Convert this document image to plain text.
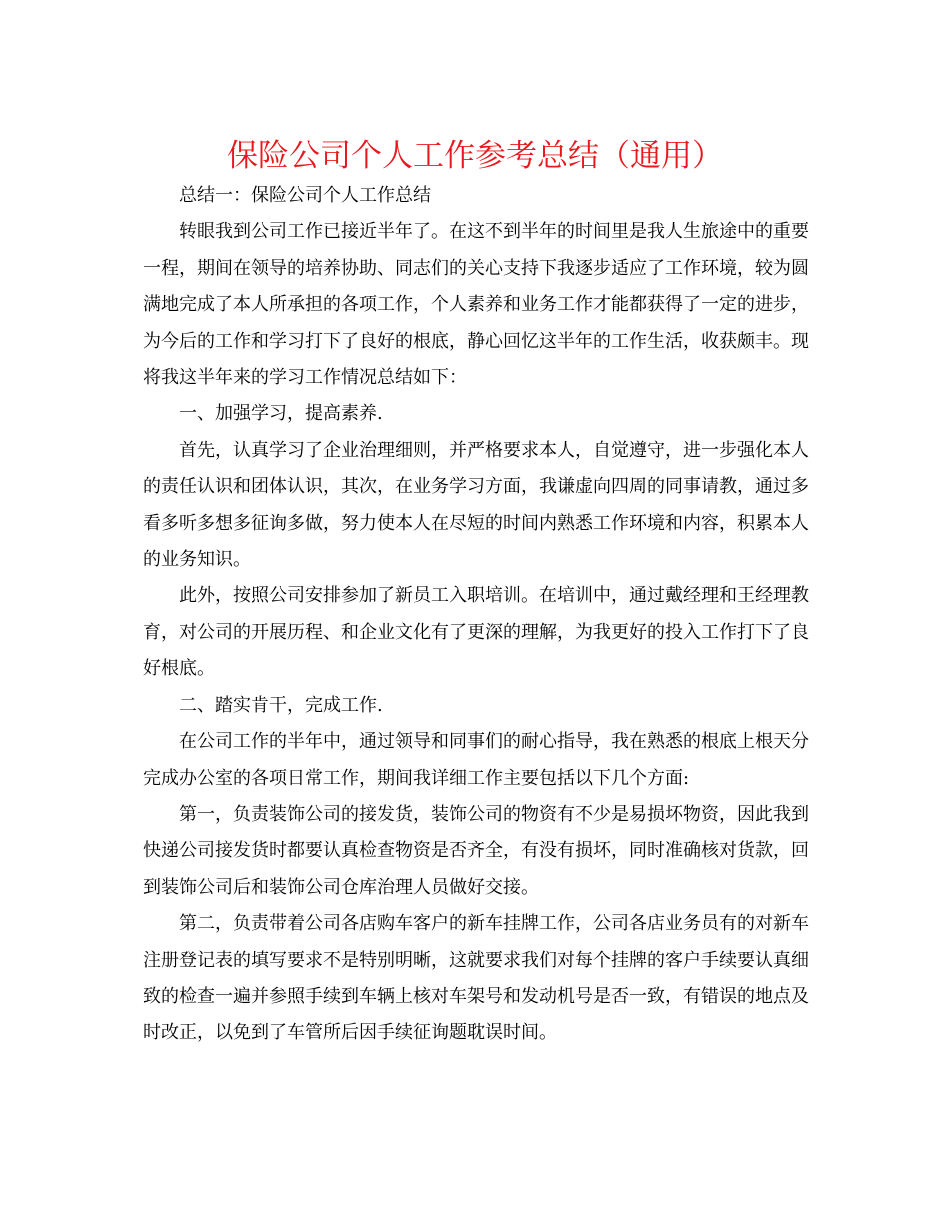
保险公司个人工作参考总结（通用）

总结一：保险公司个人工作总结

转眼我到公司工作已接近半年了。在这不到半年的时间里是我人生旅途中的重要一程，期间在领导的培养协助、同志们的关心支持下我逐步适应了工作环境，较为圆满地完成了本人所承担的各项工作，个人素养和业务工作才能都获得了一定的进步，为今后的工作和学习打下了良好的根底，静心回忆这半年的工作生活，收获颇丰。现将我这半年来的学习工作情况总结如下：

一、加强学习，提高素养.

首先，认真学习了企业治理细则，并严格要求本人，自觉遵守，进一步强化本人的责任认识和团体认识，其次，在业务学习方面，我谦虚向四周的同事请教，通过多看多听多想多征询多做，努力使本人在尽短的时间内熟悉工作环境和内容，积累本人的业务知识。

此外，按照公司安排参加了新员工入职培训。在培训中，通过戴经理和王经理教育，对公司的开展历程、和企业文化有了更深的理解，为我更好的投入工作打下了良好根底。

二、踏实肯干，完成工作.

在公司工作的半年中，通过领导和同事们的耐心指导，我在熟悉的根底上根天分完成办公室的各项日常工作，期间我详细工作主要包括以下几个方面:

第一，负责装饰公司的接发货，装饰公司的物资有不少是易损坏物资，因此我到快递公司接发货时都要认真检查物资是否齐全，有没有损坏，同时准确核对货款，回到装饰公司后和装饰公司仓库治理人员做好交接。

第二，负责带着公司各店购车客户的新车挂牌工作，公司各店业务员有的对新车注册登记表的填写要求不是特别明晰，这就要求我们对每个挂牌的客户手续要认真细致的检查一遍并参照手续到车辆上核对车架号和发动机号是否一致，有错误的地点及时改正，以免到了车管所后因手续征询题耽误时间。
